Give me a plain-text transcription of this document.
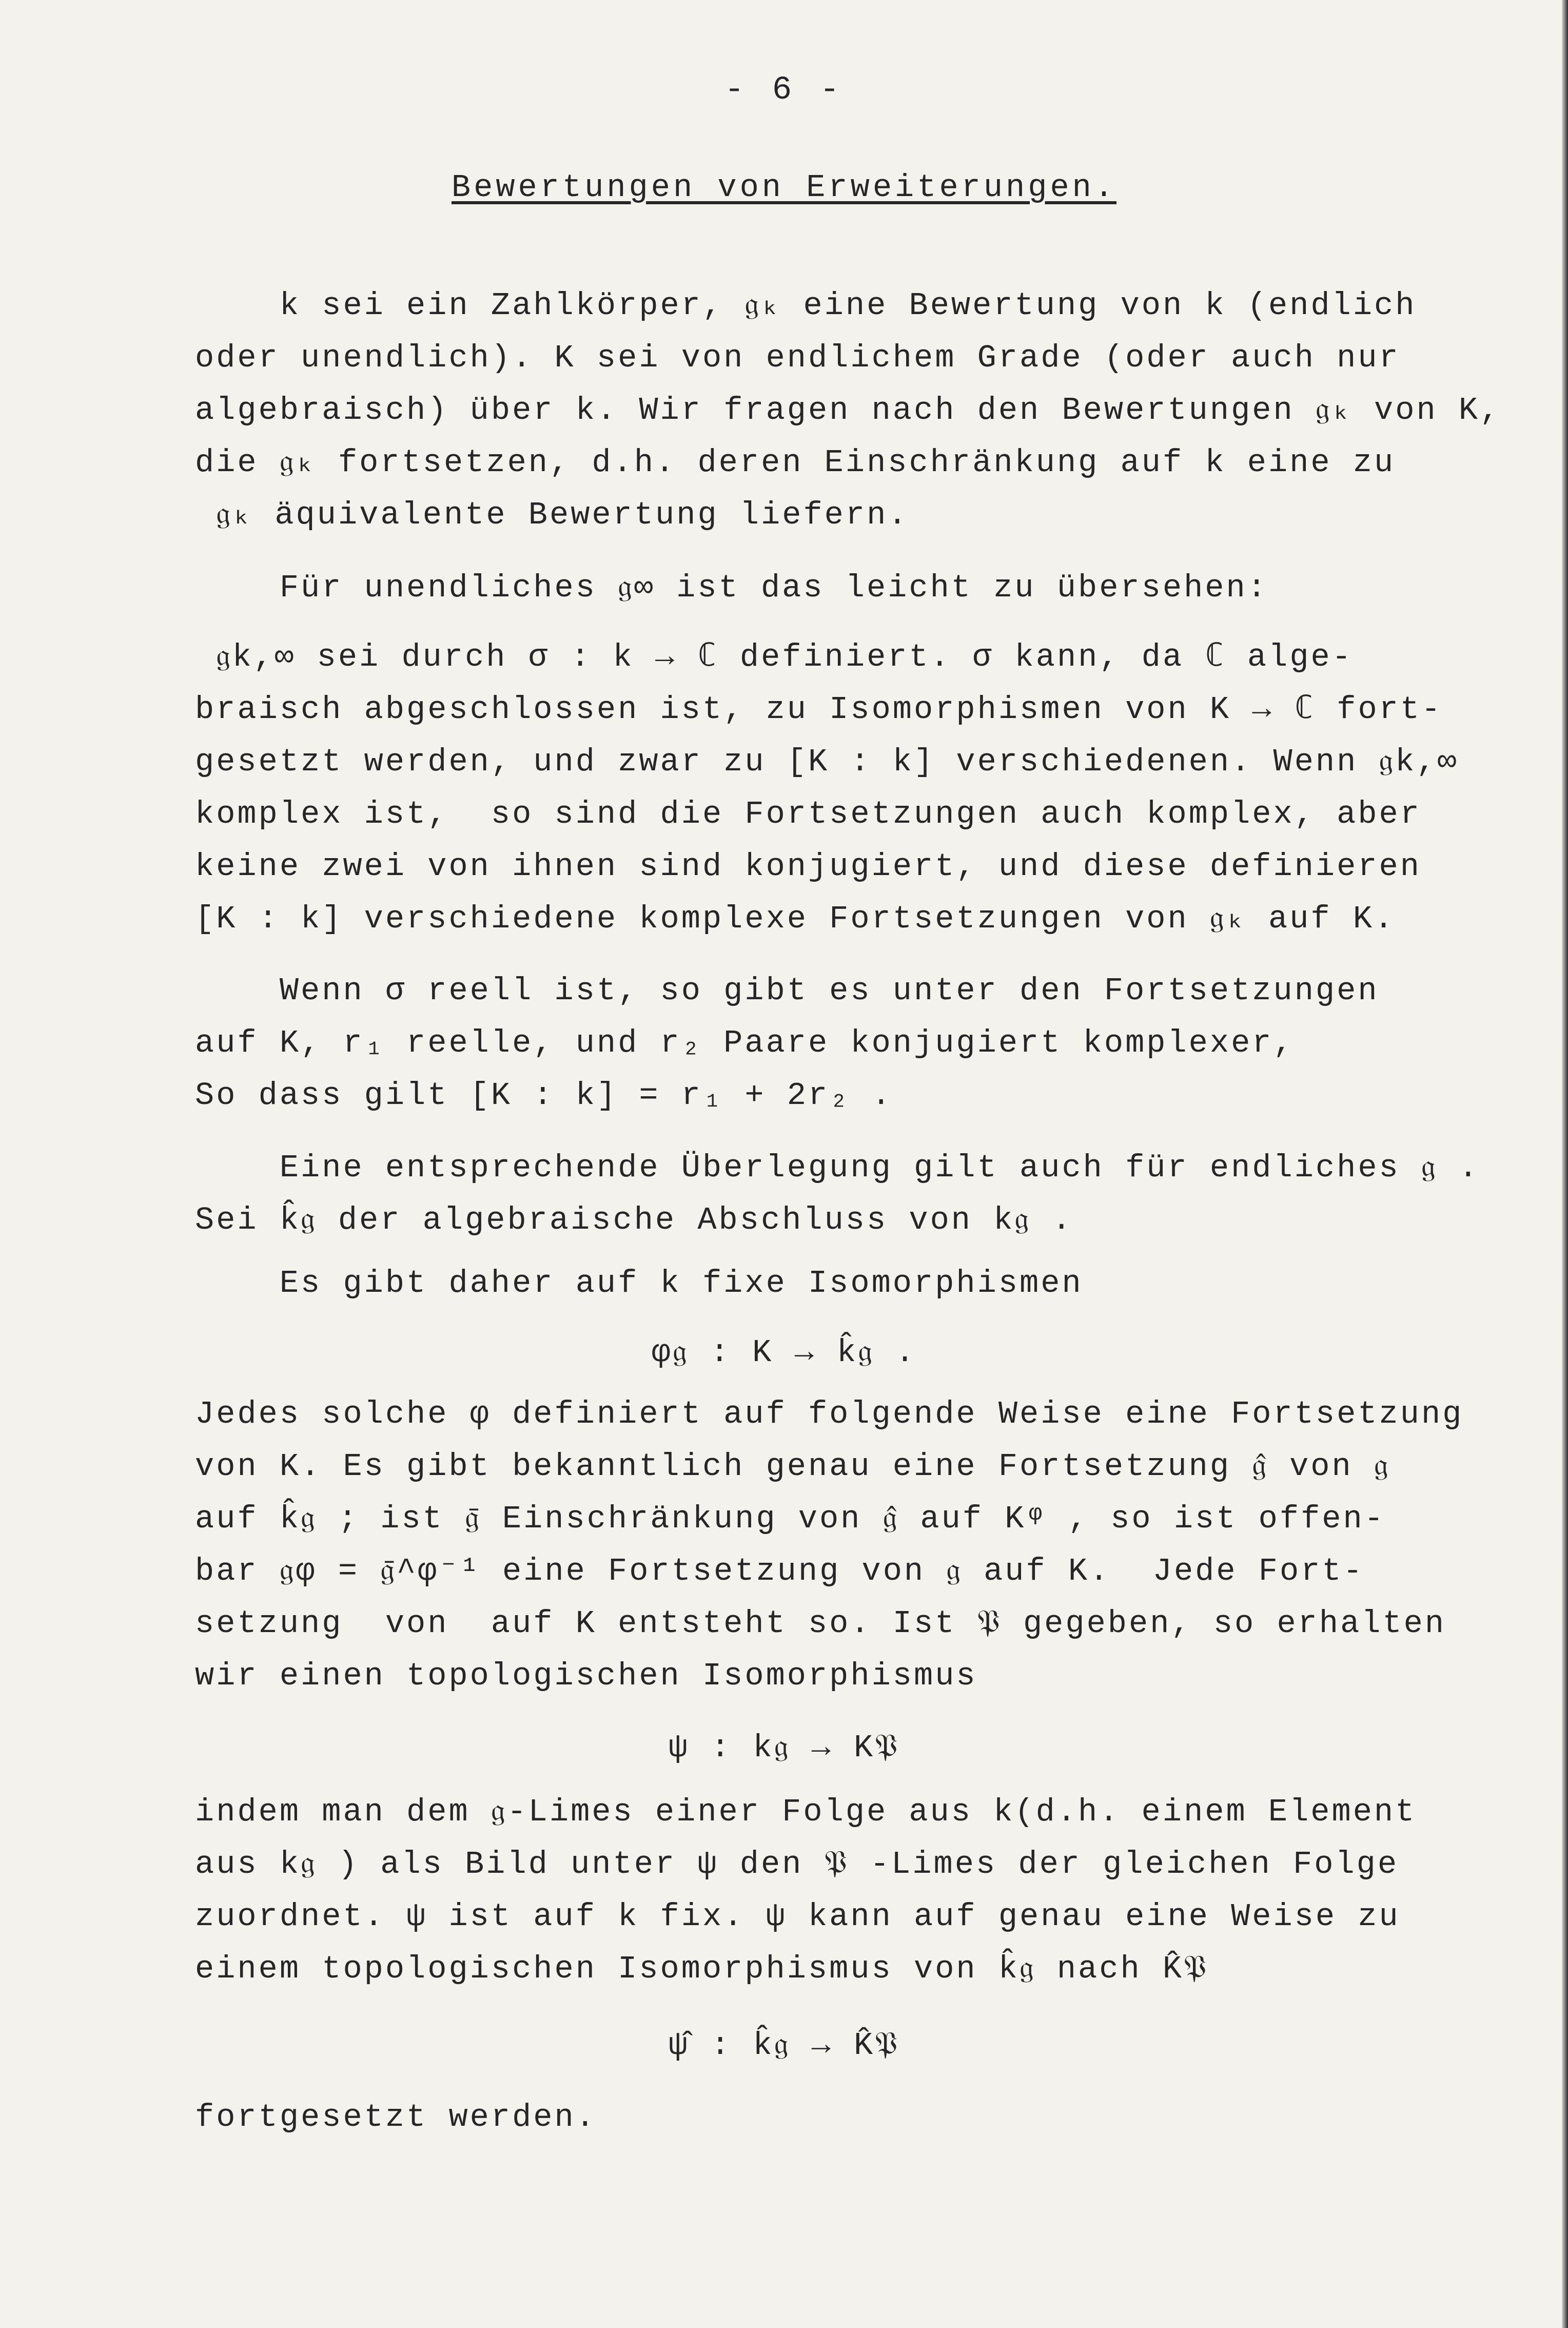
- 6 -
Bewertungen von Erweiterungen.
k sei ein Zahlkörper, 𝔤ₖ eine Bewertung von k (endlich
oder unendlich). K sei von endlichem Grade (oder auch nur
algebraisch) über k. Wir fragen nach den Bewertungen 𝔤ₖ von K,
die 𝔤ₖ fortsetzen, d.h. deren Einschränkung auf k eine zu
𝔤ₖ äquivalente Bewertung liefern.
Für unendliches 𝔤∞ ist das leicht zu übersehen:
𝔤k,∞ sei durch σ : k → ℂ definiert. σ kann, da ℂ alge-
braisch abgeschlossen ist, zu Isomorphismen von K → ℂ fort-
gesetzt werden, und zwar zu [K : k] verschiedenen. Wenn 𝔤k,∞
komplex ist,  so sind die Fortsetzungen auch komplex, aber
keine zwei von ihnen sind konjugiert, und diese definieren
[K : k] verschiedene komplexe Fortsetzungen von 𝔤ₖ auf K.
Wenn σ reell ist, so gibt es unter den Fortsetzungen
auf K, r₁ reelle, und r₂ Paare konjugiert komplexer,
So dass gilt [K : k] = r₁ + 2r₂ .
Eine entsprechende Überlegung gilt auch für endliches 𝔤 .
Sei k̂𝔤 der algebraische Abschluss von k𝔤 .
Es gibt daher auf k fixe Isomorphismen
φ𝔤 : K → k̂𝔤 .
Jedes solche φ definiert auf folgende Weise eine Fortsetzung
von K. Es gibt bekanntlich genau eine Fortsetzung 𝔤̂ von 𝔤
auf k̂𝔤 ; ist 𝔤̄ Einschränkung von 𝔤̂ auf Kᵠ , so ist offen-
bar 𝔤φ = 𝔤̄^φ⁻¹ eine Fortsetzung von 𝔤 auf K.  Jede Fort-
setzung  von  auf K entsteht so. Ist 𝔓 gegeben, so erhalten
wir einen topologischen Isomorphismus
ψ : k𝔤 → K𝔓
indem man dem 𝔤-Limes einer Folge aus k(d.h. einem Element
aus k𝔤 ) als Bild unter ψ den 𝔓 -Limes der gleichen Folge
zuordnet. ψ ist auf k fix. ψ kann auf genau eine Weise zu
einem topologischen Isomorphismus von k̂𝔤 nach K̂𝔓
ψ̂ : k̂𝔤 → K̂𝔓
fortgesetzt werden.
